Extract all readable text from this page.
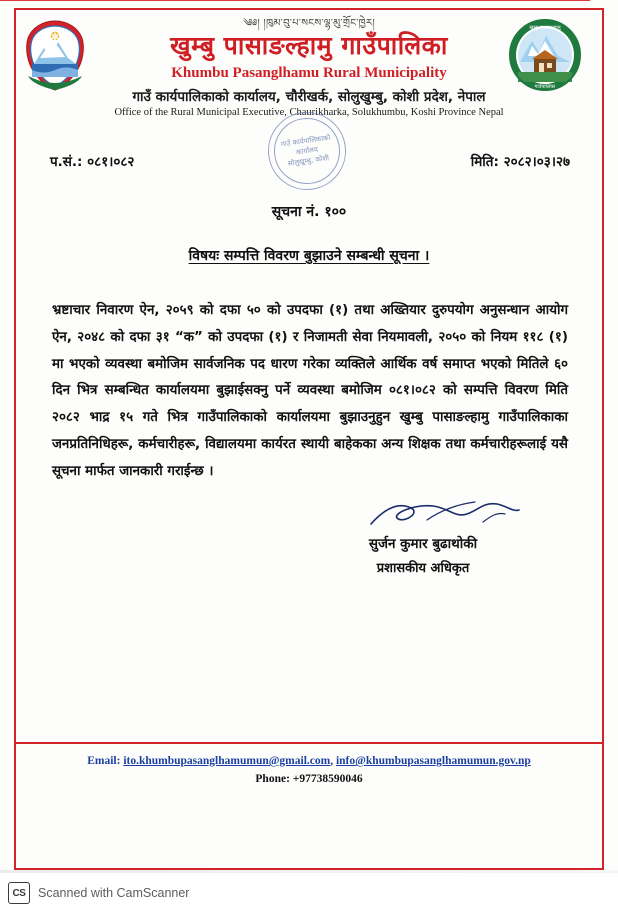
खुम्बु पासाङल्हामु
गाउँपालिका
༄༅། །ཁུམ་བུ་པ་སངས་ལྷ་མུ་གྲོང་ཁྱེར།
खुम्बु पासाङल्हामु गाउँपालिका
Khumbu Pasanglhamu Rural Municipality
गाउँ कार्यपालिकाको कार्यालय, चौरीखर्क, सोलुखुम्बु, कोशी प्रदेश, नेपाल
Office of the Rural Municipal Executive, Chaurikharka, Solukhumbu, Koshi Province Nepal
गाउँ कार्यपालिकाको
कार्यालय
सोलुखुम्बु, कोशी
प.सं.: ०८१।०८२	मिति: २०८२।०३।२७
सूचना नं. १००
विषयः सम्पत्ति विवरण बुझाउने सम्बन्धी सूचना ।
भ्रष्टाचार निवारण ऐन, २०५९ को दफा ५० को उपदफा (१) तथा अख्तियार दुरुपयोग अनुसन्धान आयोग ऐन, २०४८ को दफा ३१ “क” को उपदफा (१) र निजामती सेवा नियमावली, २०५० को नियम ११८ (१) मा भएको व्यवस्था बमोजिम सार्वजनिक पद धारण गरेका व्यक्तिले आर्थिक वर्ष समाप्त भएको मितिले ६० दिन भित्र सम्बन्धित कार्यालयमा बुझाईसक्नु पर्ने व्यवस्था बमोजिम ०८१।०८२ को सम्पत्ति विवरण मिति २०८२ भाद्र १५ गते भित्र गाउँपालिकाको कार्यालयमा बुझाउनुहुन खुम्बु पासाङल्हामु गाउँपालिकाका जनप्रतिनिधिहरू, कर्मचारीहरू, विद्यालयमा कार्यरत स्थायी बाहेकका अन्य शिक्षक तथा कर्मचारीहरूलाई यसै सूचना मार्फत जानकारी गराईन्छ ।
सुर्जन कुमार बुढाथोकी
प्रशासकीय अधिकृत
Email: ito.khumbupasanglhamumun@gmail.com, info@khumbupasanglhamumun.gov.np
Phone: +97738590046
CS	Scanned with CamScanner
